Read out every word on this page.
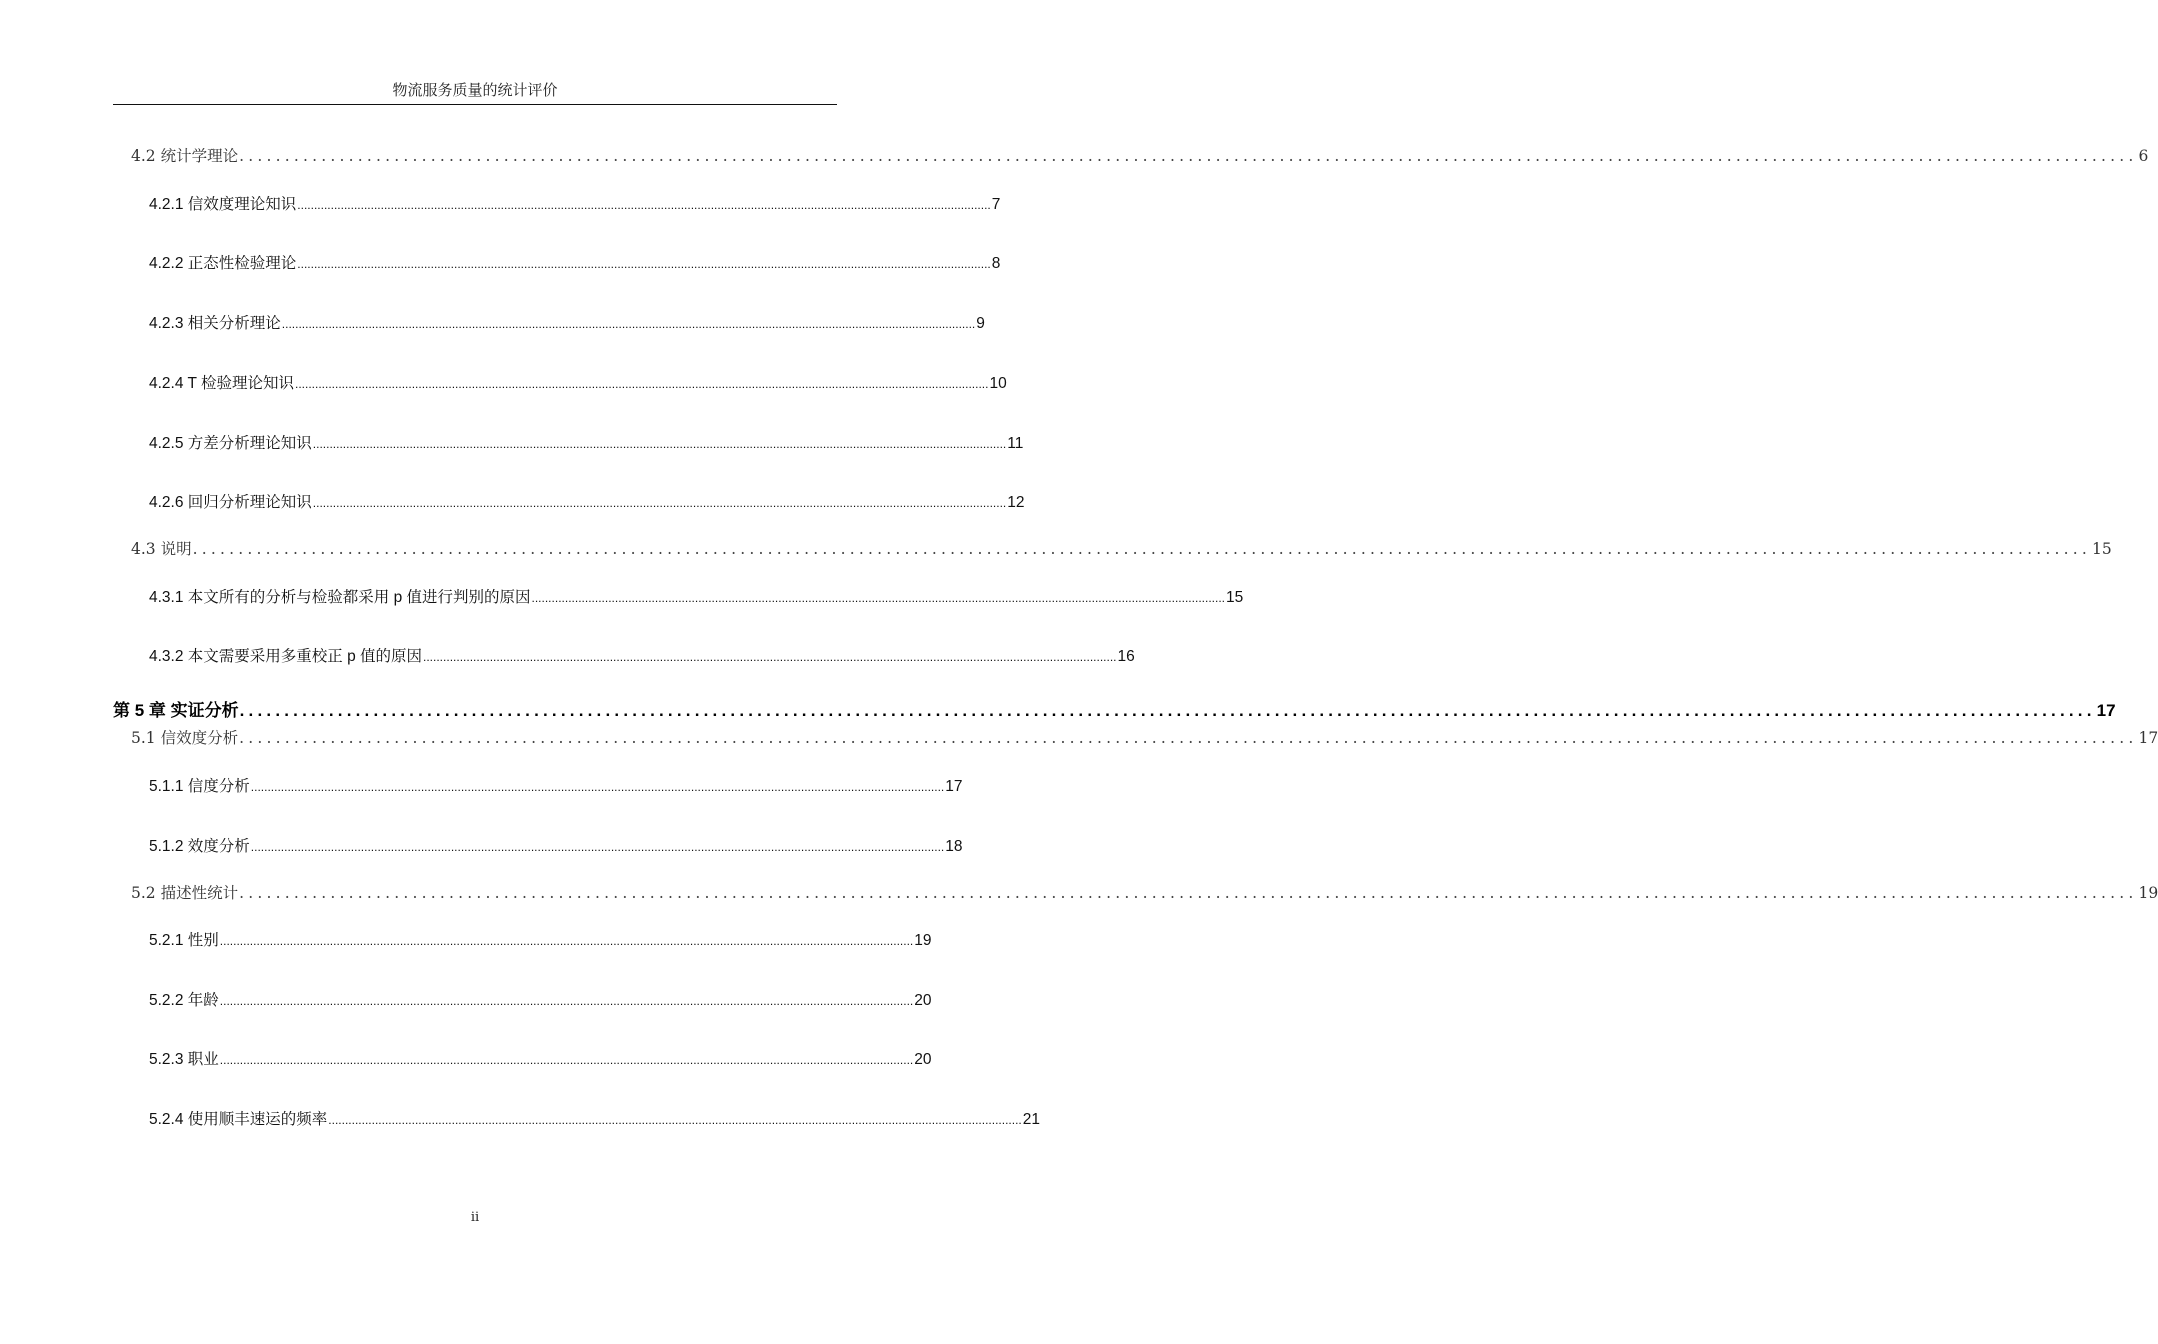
物流服务质量的统计评价
4.2 统计学理论 ................................................................................................................................................................................................................ 6
4.2.1 信效度理论知识 ................................................................................................................................................................................................................ 7
4.2.2 正态性检验理论 ................................................................................................................................................................................................................ 8
4.2.3 相关分析理论 ................................................................................................................................................................................................................ 9
4.2.4 T 检验理论知识 ................................................................................................................................................................................................................ 10
4.2.5 方差分析理论知识 ................................................................................................................................................................................................................ 11
4.2.6 回归分析理论知识 ................................................................................................................................................................................................................ 12
4.3 说明 ................................................................................................................................................................................................................ 15
4.3.1 本文所有的分析与检验都采用 p 值进行判别的原因 ................................................................................................................................................................................................................ 15
4.3.2 本文需要采用多重校正 p 值的原因 ................................................................................................................................................................................................................ 16
第 5 章 实证分析 ................................................................................................................................................................................................................ 17
5.1 信效度分析 ................................................................................................................................................................................................................ 17
5.1.1 信度分析 ................................................................................................................................................................................................................ 17
5.1.2 效度分析 ................................................................................................................................................................................................................ 18
5.2 描述性统计 ................................................................................................................................................................................................................ 19
5.2.1 性别 ................................................................................................................................................................................................................ 19
5.2.2 年龄 ................................................................................................................................................................................................................ 20
5.2.3 职业 ................................................................................................................................................................................................................ 20
5.2.4 使用顺丰速运的频率 ................................................................................................................................................................................................................ 21
ii
